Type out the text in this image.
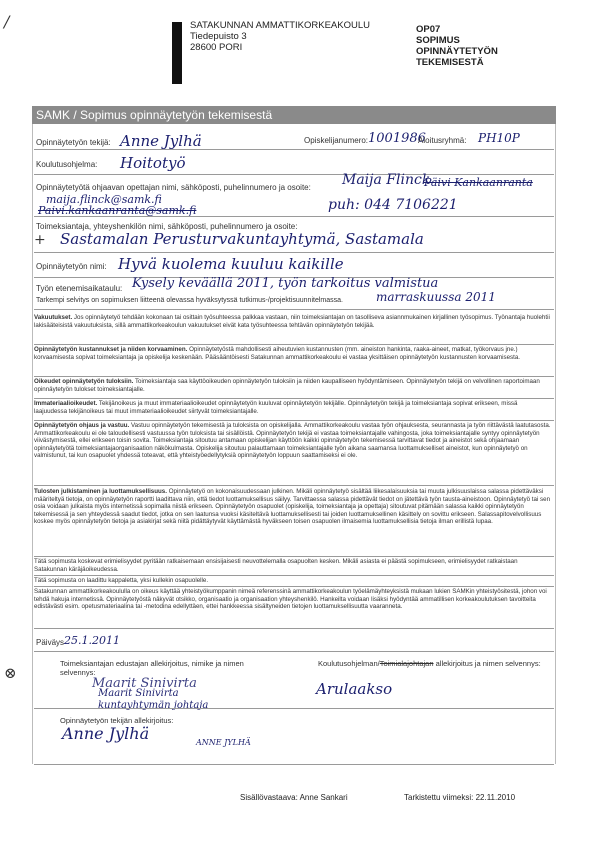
/	SATAKUNNAN AMMATTIKORKEAKOULU
Tiedepuisto 3
28600 PORI
OP07
SOPIMUS
OPINNÄYTETYÖN
TEKEMISESTÄ
SAMK / Sopimus opinnäytetyön tekemisestä
Opinnäytetyön tekijä: Anne Jylhä	Opiskelijanumero: 1001986
Aloitusryhmä: PH10P
Koulutusohjelma: Hoitotyö
Opinnäytetyötä ohjaavan opettajan nimi, sähköposti, puhelinnumero ja osoite: Maija Flinck
Päivi Kankaanranta
maija.flinck@samk.fi
Paivi.kankaanranta@samk.fi	puh: 044 7106221
Toimeksiantaja, yhteyshenkilön nimi, sähköposti, puhelinnumero ja osoite:
+ Sastamalan Perusturvakuntayhtymä, Sastamala
Opinnäytetyön nimi: Hyvä kuolema kuuluu kaikille
Työn etenemisaikataulu: Kysely keväällä 2011, työn tarkoitus valmistua
marraskuussa 2011
Tarkempi selvitys on sopimuksen liitteenä olevassa hyväksytyssä tutkimus-/projektisuunnitelmassa.

Vakuutukset. Jos opinnäytetyö tehdään kokonaan tai osittain työsuhteessa palkkaa vastaan, niin toimeksiantajan on tasolliseva asiannmukainen kirjallinen työsopimus. Työnantaja huolehtii lakisääteisistä vakuutuksista, sillä ammattikorkeakoulun vakuutukset eivät kata työsuhteessa tehtävän opinnäytetyön tekijää.

Opinnäytetyön kustannukset ja niiden korvaaminen. Opinnäytetyöstä mahdollisesti aiheutuvien kustannusten (mm. aineiston hankinta, raaka-aineet, matkat, työkorvaus jne.) korvaamisesta sopivat toimeksiantaja ja opiskelija keskenään. Pääsääntöisesti Satakunnan ammattikorkeakoulu ei vastaa yksittäisen opinnäytetyön kustannusten korvaamisesta.

Oikeudet opinnäytetyön tuloksiin. Toimeksiantaja saa käyttöoikeuden opinnäytetyön tuloksiin ja niiden kaupalliseen hyödyntämiseen. Opinnäytetyön tekijä on velvollinen raportoimaan opinnäytetyön tulokset toimeksiantajalle.

Immateriaalioikeudet. Tekijänoikeus ja muut immateriaalioikeudet opinnäytetyön kuuluvat opinnäytetyön tekijälle. Opinnäytetyön tekijä ja toimeksiantaja sopivat erikseen, missä laajuudessa tekijänoikeus tai muut immateriaalioikeudet siirtyvät toimeksiantajalle.

Opinnäytetyön ohjaus ja vastuu. Vastuu opinnäytetyön tekemisestä ja tuloksista on opiskelijalla. Ammattikorkeakoulu vastaa työn ohjauksesta, seurannasta ja työn riittävästä laatutasosta. Ammattikorkeakoulu ei ole taloudellisesti vastuussa työn tuloksista tai sisällöistä. Opinnäytetyön tekijä ei vastaa toimeksiantajalle vahingosta, joka toimeksiantajalle syntyy opinnäytetyön viivästymisestä, ellei erikseen toisin sovita. Toimeksiantaja sitoutuu antamaan opiskelijan käyttöön kaikki opinnäytetyön tekemisessä tarvittavat tiedot ja aineistot sekä ohjaamaan opinnäytetyötä toimeksiantajaorganisaation näkökulmasta. Opiskelija sitoutuu palauttamaan toimeksiantajalle työn aikana saamansa luottamukselliset aineistot, kun opinnäytetyö on valmistunut, tai kun osapuolet yhdessä toteavat, että yhteistyöedellytyksiä opinnäytetyön loppuun saattamiseksi ei ole.

Tulosten julkistaminen ja luottamuksellisuus. Opinnäytetyö on kokonaisuudessaan julkinen. Mikäli opinnäytetyö sisältää liikesalaisuuksia tai muuta julkisuuslaissa salassa pidettäväksi määriteltyä tietoja, on opinnäytetyön raportti laadittava niin, että tiedot luottamuksellisus säilyy. Tarvittaessa salassa pidettävät tiedot on jätettävä työn tausta-aineistoon. Opinnäytetyö tai sen osia voidaan julkaista myös internetissä sopimalla niistä erikseen. Opinnäytetyön osapuolet (opiskelija, toimeksiantaja ja opettaja) sitoutuvat pitämään salassa kaikki opinnäytetyön tekemisessä ja sen yhteydessä saadut tiedot, jotka on sen laatunsa vuoksi käsiteltävä luottamuksellisesti tai joiden luottamuksellinen käsittely on sovittu erikseen. Salassapitovelvollisuus koskee myös opinnäytetyön tietoja ja asiakirjat sekä niitä pidättäytyvät käyttämästä hyväkseen toisen osapuolen ilmaisemia luottamuksellisia tietoja ilman erillistä lupaa.

Tätä sopimusta koskevat erimielisyydet pyritään ratkaisemaan ensisijaisesti neuvottelemalla osapuolten kesken. Mikäli asiasta ei päästä sopimukseen, erimielisyydet ratkaistaan Satakunnan käräjäoikeudessa.

Tätä sopimusta on laadittu kappaletta, yksi kullekin osapuolelle.

Satakunnan ammattikorkeakoululla on oikeus käyttää yhteistyökumppanin nimeä referenssinä ammattikorkeakoulun työelämäyhteyksistä mukaan lukien SAMKin yhteistyösitestä, johon voi tehdä hakuja internetissä. Opinnäytetyöstä näkyvät otsikko, organisaatio ja organisaation yhteyshenkilö. Hankeilta voidaan lisäksi hyödyntää ammatillisen korkeakoulutuksen tavoitteita edistävästi esim. opetusmateriaalina tai -metodina edellyttäen, ettei hankkeessa sisältyneiden tietojen luottamuksellisuutta vaaranneta.

Päiväys 25.1.2011
⊗
Toimeksiantajan edustajan allekirjoitus, nimike ja nimen selvennys:
Maarit Sinivirta
Maarit Sinivirta
kuntayhtymän johtaja
Koulutusohjelman/Toimialajohtajan allekirjoitus ja nimen selvennys:
Arulaakso
Opinnäytetyön tekijän allekirjoitus:
Anne Jylhä	ANNE JYLHÄ
Sisällövastaava: Anne Sankari	Tarkistettu viimeksi: 22.11.2010
